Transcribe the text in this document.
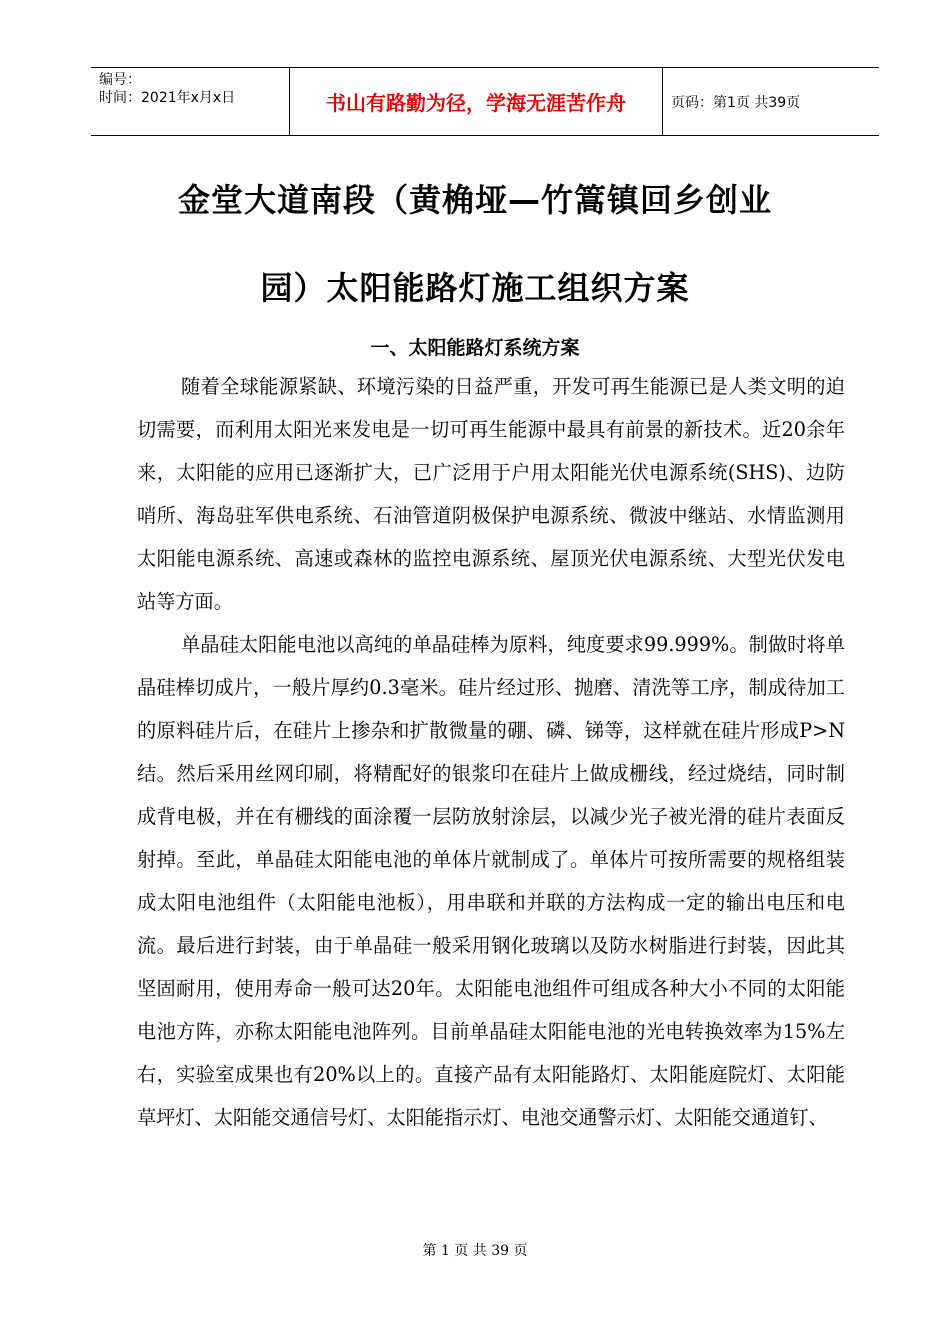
编号：
时间：2021年x月x日	书山有路勤为径，学海无涯苦作舟	页码：第1页 共39页
金堂大道南段（黄桷垭—竹篙镇回乡创业
园）太阳能路灯施工组织方案
一、太阳能路灯系统方案

随着全球能源紧缺、环境污染的日益严重，开发可再生能源已是人类文明的迫切需要，而利用太阳光来发电是一切可再生能源中最具有前景的新技术。近20余年来，太阳能的应用已逐渐扩大，已广泛用于户用太阳能光伏电源系统(SHS)、边防哨所、海岛驻军供电系统、石油管道阴极保护电源系统、微波中继站、水情监测用太阳能电源系统、高速或森林的监控电源系统、屋顶光伏电源系统、大型光伏发电站等方面。

单晶硅太阳能电池以高纯的单晶硅棒为原料，纯度要求99.999%。制做时将单晶硅棒切成片，一般片厚约0.3毫米。硅片经过形、抛磨、清洗等工序，制成待加工的原料硅片后，在硅片上掺杂和扩散微量的硼、磷、锑等，这样就在硅片形成P>N结。然后采用丝网印刷，将精配好的银浆印在硅片上做成栅线，经过烧结，同时制成背电极，并在有栅线的面涂覆一层防放射涂层，以减少光子被光滑的硅片表面反射掉。至此，单晶硅太阳能电池的单体片就制成了。单体片可按所需要的规格组装成太阳电池组件（太阳能电池板），用串联和并联的方法构成一定的输出电压和电流。最后进行封装，由于单晶硅一般采用钢化玻璃以及防水树脂进行封装，因此其坚固耐用，使用寿命一般可达20年。太阳能电池组件可组成各种大小不同的太阳能电池方阵，亦称太阳能电池阵列。目前单晶硅太阳能电池的光电转换效率为15%左右，实验室成果也有20%以上的。直接产品有太阳能路灯、太阳能庭院灯、太阳能草坪灯、太阳能交通信号灯、太阳能指示灯、电池交通警示灯、太阳能交通道钉、

第 1 页 共 39 页
